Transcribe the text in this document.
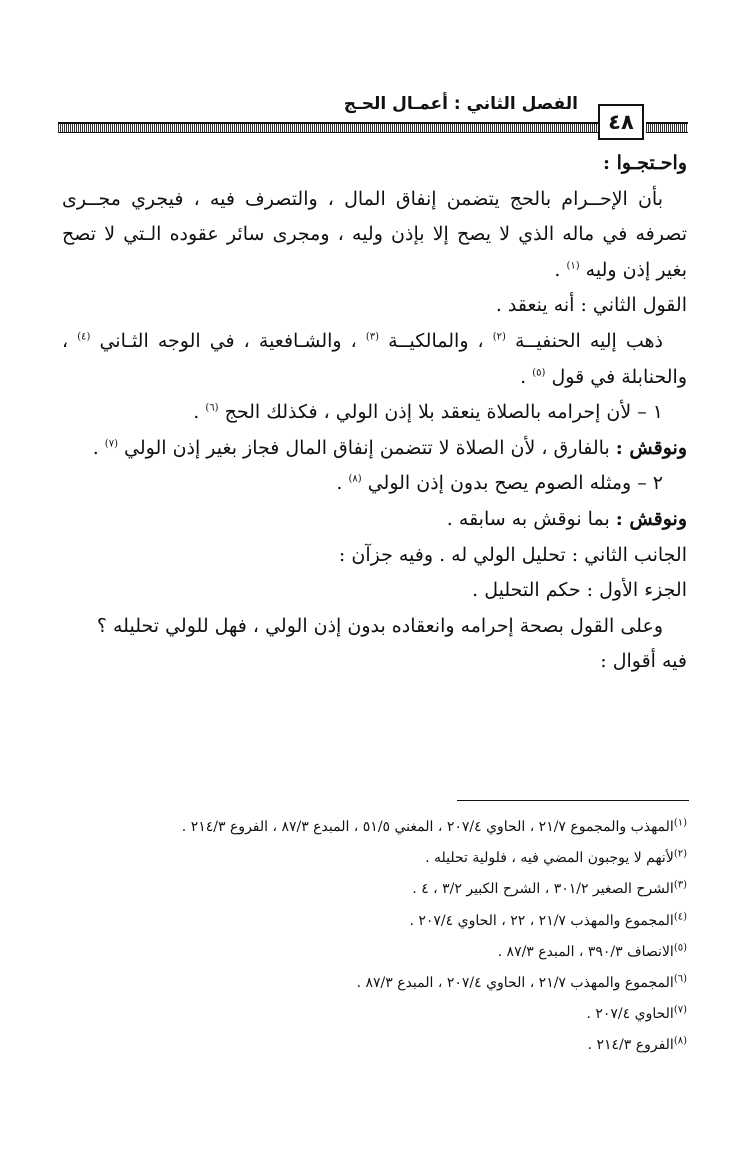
الفصل الثاني : أعمـال الحـج
٤٨

واحـتجـوا :

بأن الإحــرام بالحج يتضمن إنفاق المال ، والتصرف فيه ، فيجري مجــرى تصرفه في ماله الذي لا يصح إلا بإذن وليه ، ومجرى سائر عقوده الـتي لا تصح بغير إذن وليه $^{(١)}$ .

القول الثاني : أنه ينعقد .

ذهب إليه الحنفيــة $^{(٢)}$ ، والمالكيــة $^{(٣)}$ ، والشـافعية ، في الوجه الثـاني $^{(٤)}$ ، والحنابلة في قول $^{(٥)}$ .

١ – لأن إحرامه بالصلاة ينعقد بلا إذن الولي ، فكذلك الحج $^{(٦)}$ .

ونوقش : بالفارق ، لأن الصلاة لا تتضمن إنفاق المال فجاز بغير إذن الولي $^{(٧)}$ .

٢ – ومثله الصوم يصح بدون إذن الولي $^{(٨)}$ .

ونوقش : بما نوقش به سابقه .

الجانب الثاني : تحليل الولي له . وفيه جزآن :

الجزء الأول : حكم التحليل .

وعلى القول بصحة إحرامه وانعقاده بدون إذن الولي ، فهل للولي تحليله ؟

فيه أقوال :

$^{(١)}$المهذب والمجموع ٢١/٧ ، الحاوي ٢٠٧/٤ ، المغني ٥١/٥ ، المبدع ٨٧/٣ ، الفروع ٢١٤/٣ .

$^{(٢)}$لأنهم لا يوجبون المضي فيه ، فلولية تحليله .

$^{(٣)}$الشرح الصغير ٣٠١/٢ ، الشرح الكبير ٣/٢ ، ٤ .

$^{(٤)}$المجموع والمهذب ٢١/٧ ، ٢٢ ، الحاوي ٢٠٧/٤ .

$^{(٥)}$الانصاف ٣٩٠/٣ ، المبدع ٨٧/٣ .

$^{(٦)}$المجموع والمهذب ٢١/٧ ، الحاوي ٢٠٧/٤ ، المبدع ٨٧/٣ .

$^{(٧)}$الحاوي ٢٠٧/٤ .

$^{(٨)}$الفروع ٢١٤/٣ .
